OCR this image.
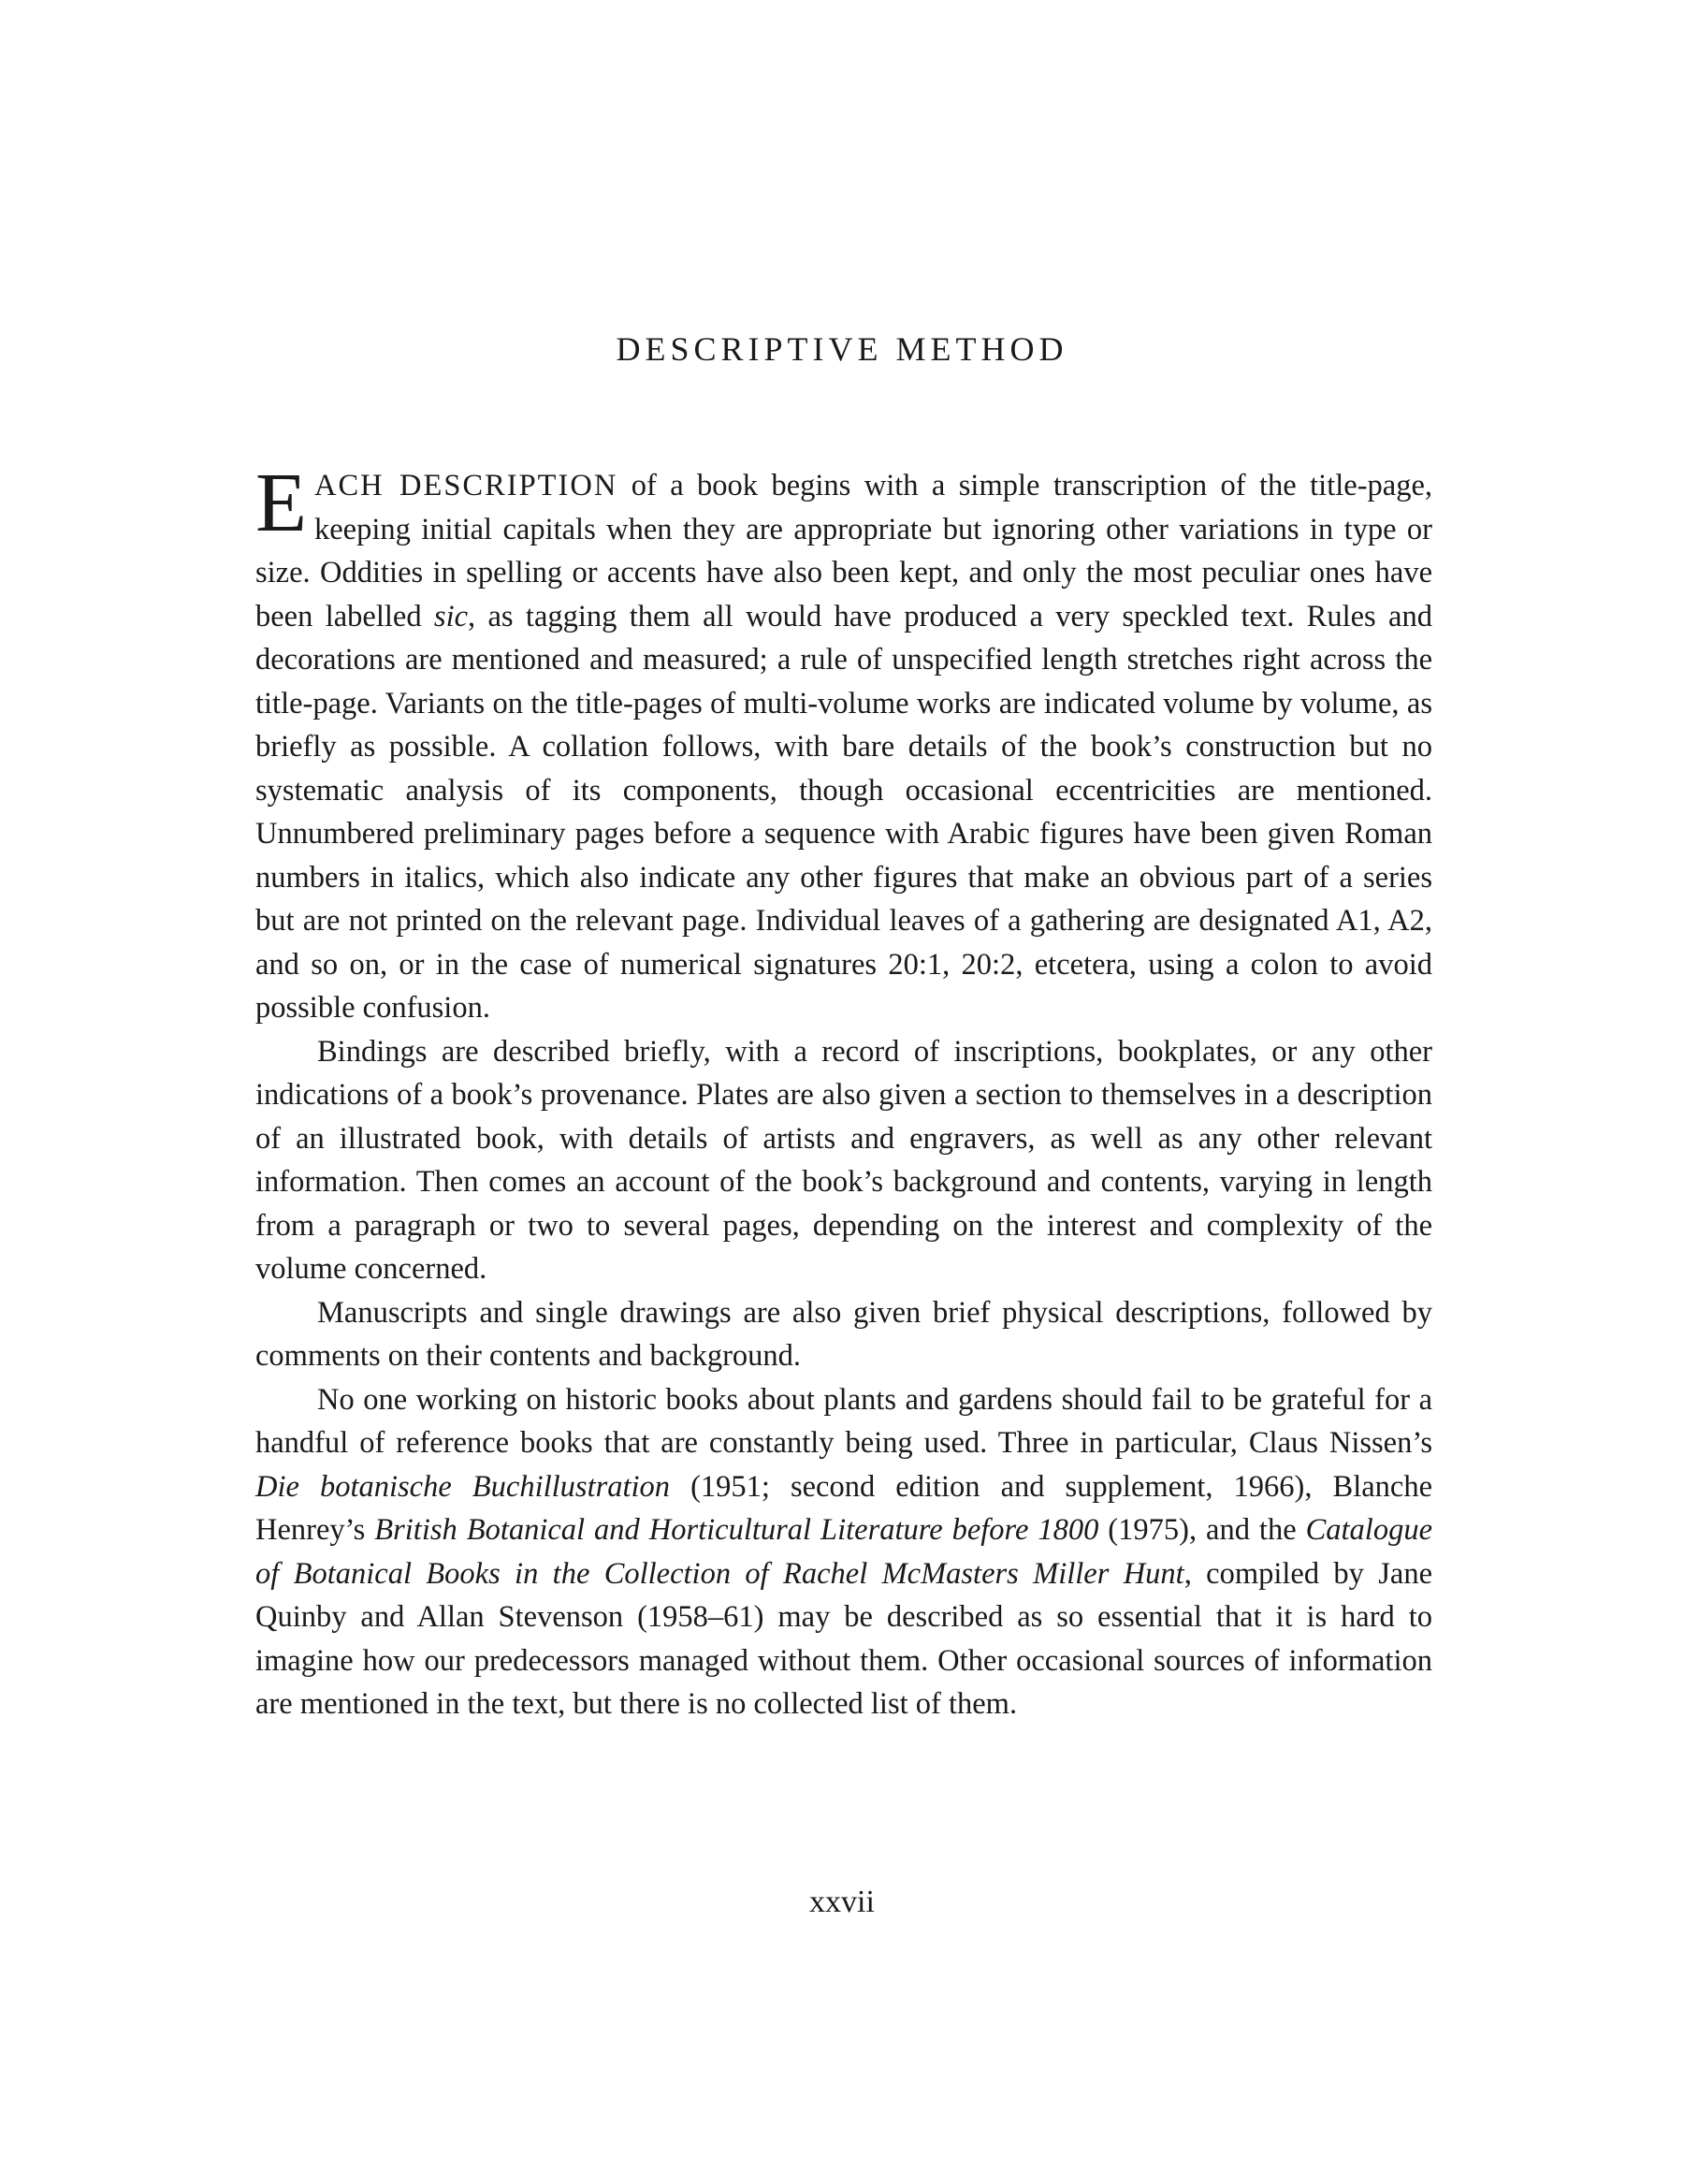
DESCRIPTIVE METHOD

EACH DESCRIPTION of a book begins with a simple transcription of the title-page, keeping initial capitals when they are appropriate but ignoring other variations in type or size. Oddities in spelling or accents have also been kept, and only the most peculiar ones have been labelled sic, as tagging them all would have produced a very speckled text. Rules and decorations are mentioned and measured; a rule of unspecified length stretches right across the title-page. Variants on the title-pages of multi-volume works are indicated volume by volume, as briefly as possible. A collation follows, with bare details of the book’s construction but no systematic analysis of its components, though occasional eccentricities are mentioned. Unnumbered preliminary pages before a sequence with Arabic figures have been given Roman numbers in italics, which also indicate any other figures that make an obvious part of a series but are not printed on the relevant page. Individual leaves of a gathering are designated A1, A2, and so on, or in the case of numerical signatures 20:1, 20:2, etcetera, using a colon to avoid possible confusion.

Bindings are described briefly, with a record of inscriptions, bookplates, or any other indications of a book’s provenance. Plates are also given a section to themselves in a description of an illustrated book, with details of artists and engravers, as well as any other relevant information. Then comes an account of the book’s background and contents, varying in length from a paragraph or two to several pages, depending on the interest and complexity of the volume concerned.

Manuscripts and single drawings are also given brief physical descriptions, followed by comments on their contents and background.

No one working on historic books about plants and gardens should fail to be grateful for a handful of reference books that are constantly being used. Three in particular, Claus Nissen’s Die botanische Buchillustration (1951; second edition and supplement, 1966), Blanche Henrey’s British Botanical and Horticultural Literature before 1800 (1975), and the Catalogue of Botanical Books in the Collection of Rachel McMasters Miller Hunt, compiled by Jane Quinby and Allan Stevenson (1958–61) may be described as so essential that it is hard to imagine how our predecessors managed without them. Other occasional sources of information are mentioned in the text, but there is no collected list of them.

xxvii
